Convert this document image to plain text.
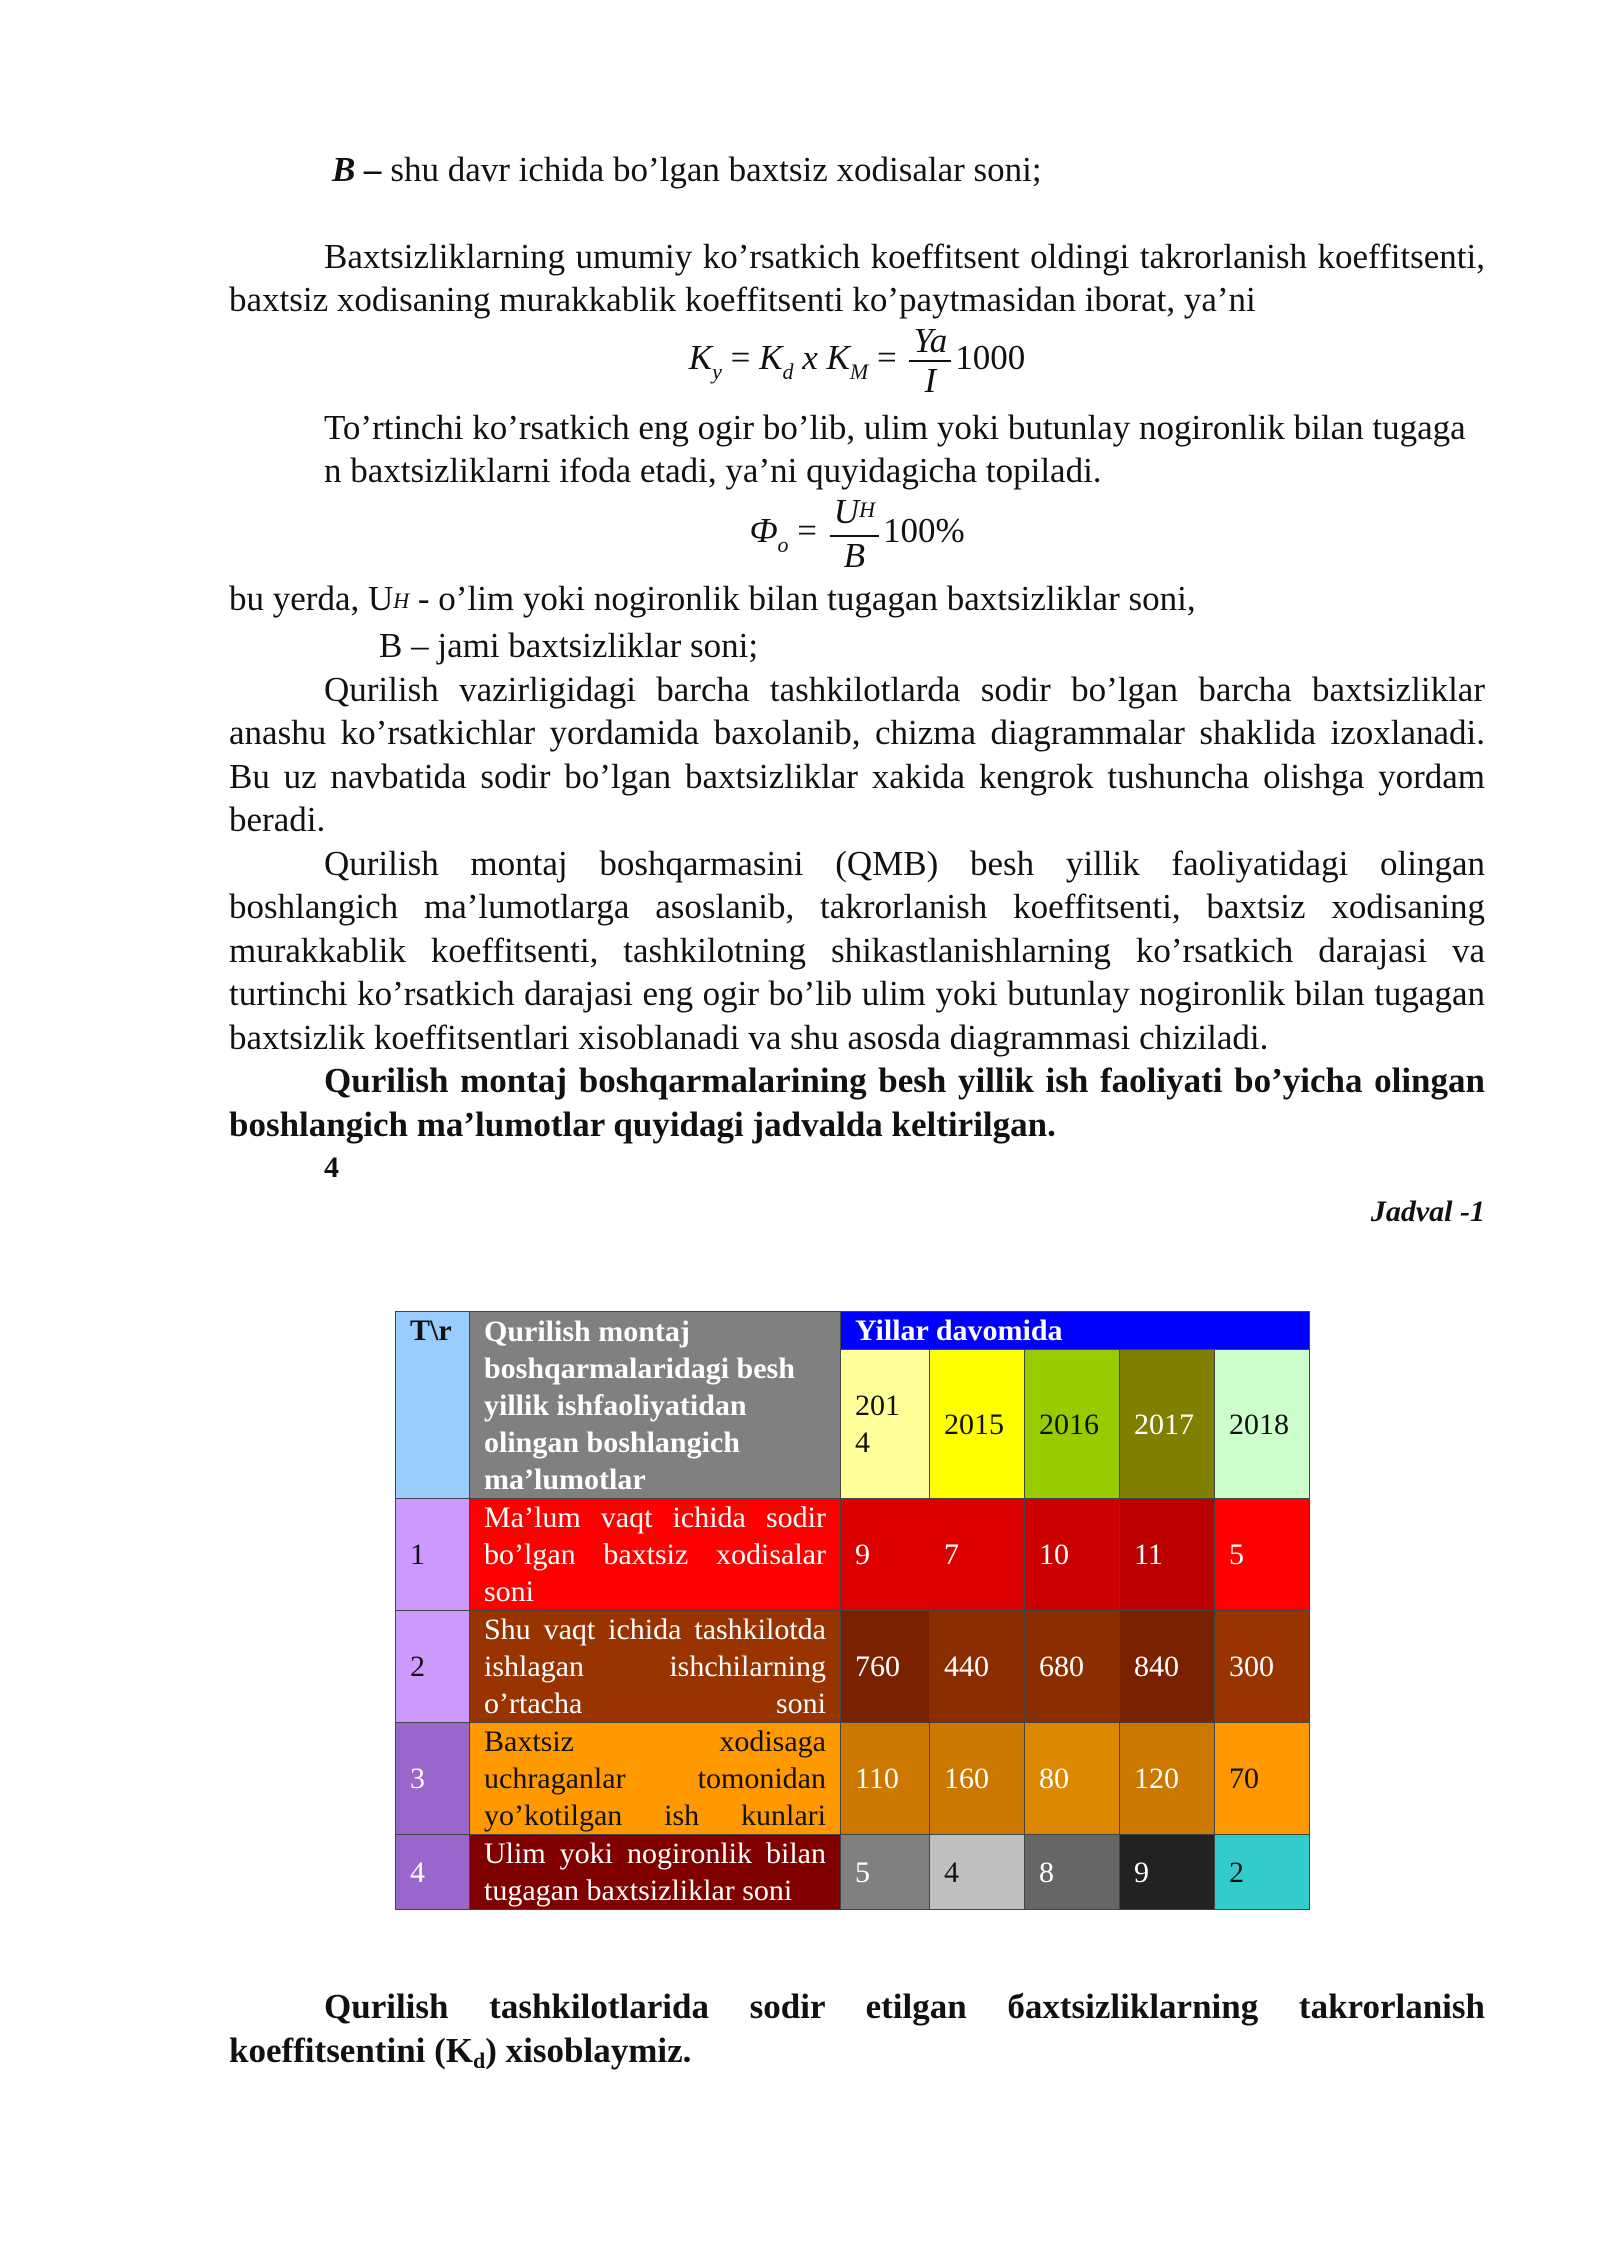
B – shu davr ichida bo’lgan baxtsiz xodisalar soni;

Baxtsizliklarning umumiy ko’rsatkich koeffitsent oldingi takrorlanish koeffitsenti, baxtsiz xodisaning murakkablik koeffitsenti ko’paytmasidan iborat, ya’ni

$K_y = K_d$ x $K_M = \frac{Ya}{I} 1000$

To’rtinchi ko’rsatkich eng ogir bo’lib, ulim yoki butunlay nogironlik bilan tugaga

n baxtsizliklarni ifoda etadi, ya’ni quyidagicha topiladi.

$Ф_o = \frac{UH}{B} 100\%$

bu yerda, UH - o’lim yoki nogironlik bilan tugagan baxtsizliklar soni,

B – jami baxtsizliklar soni;

Qurilish vazirligidagi barcha tashkilotlarda sodir bo’lgan barcha baxtsizliklar anashu ko’rsatkichlar yordamida baxolanib, chizma diagrammalar shaklida izoxlanadi. Bu uz navbatida sodir bo’lgan baxtsizliklar xakida kengrok tushuncha olishga yordam beradi.

Qurilish montaj boshqarmasini (QMB) besh yillik faoliyatidagi olingan boshlangich ma’lumotlarga asoslanib, takrorlanish koeffitsenti, baxtsiz xodisaning murakkablik koeffitsenti, tashkilotning shikastlanishlarning ko’rsatkich darajasi va turtinchi ko’rsatkich darajasi eng ogir bo’lib ulim yoki butunlay nogironlik bilan tugagan baxtsizlik koeffitsentlari xisoblanadi va shu asosda diagrammasi chiziladi.

Qurilish montaj boshqarmalarining besh yillik ish faoliyati bo’yicha olingan boshlangich ma’lumotlar quyidagi jadvalda keltirilgan.

4

Jadval -1

T\r	Qurilish montaj boshqarmalaridagi besh yillik ishfaoliyatidan olingan boshlangich ma’lumotlar	Yillar davomida				
		201 4	2015	2016	2017	2018
1	Ma’lum vaqt ichida sodir bo’lgan baxtsiz xodisalar soni	9	7	10	11	5
2	Shu vaqt ichida tashkilotda ishlagan ishchilarning o’rtacha soni	760	440	680	840	300
3	Baxtsiz xodisaga uchraganlar tomonidan yo’kotilgan ish kunlari	110	160	80	120	70
4	Ulim yoki nogironlik bilan tugagan baxtsizliklar soni	5	4	8	9	2

Qurilish tashkilotlarida sodir etilgan бaxtsizliklarning takrorlanish

koeffitsentini (Kd) xisoblaymiz.
